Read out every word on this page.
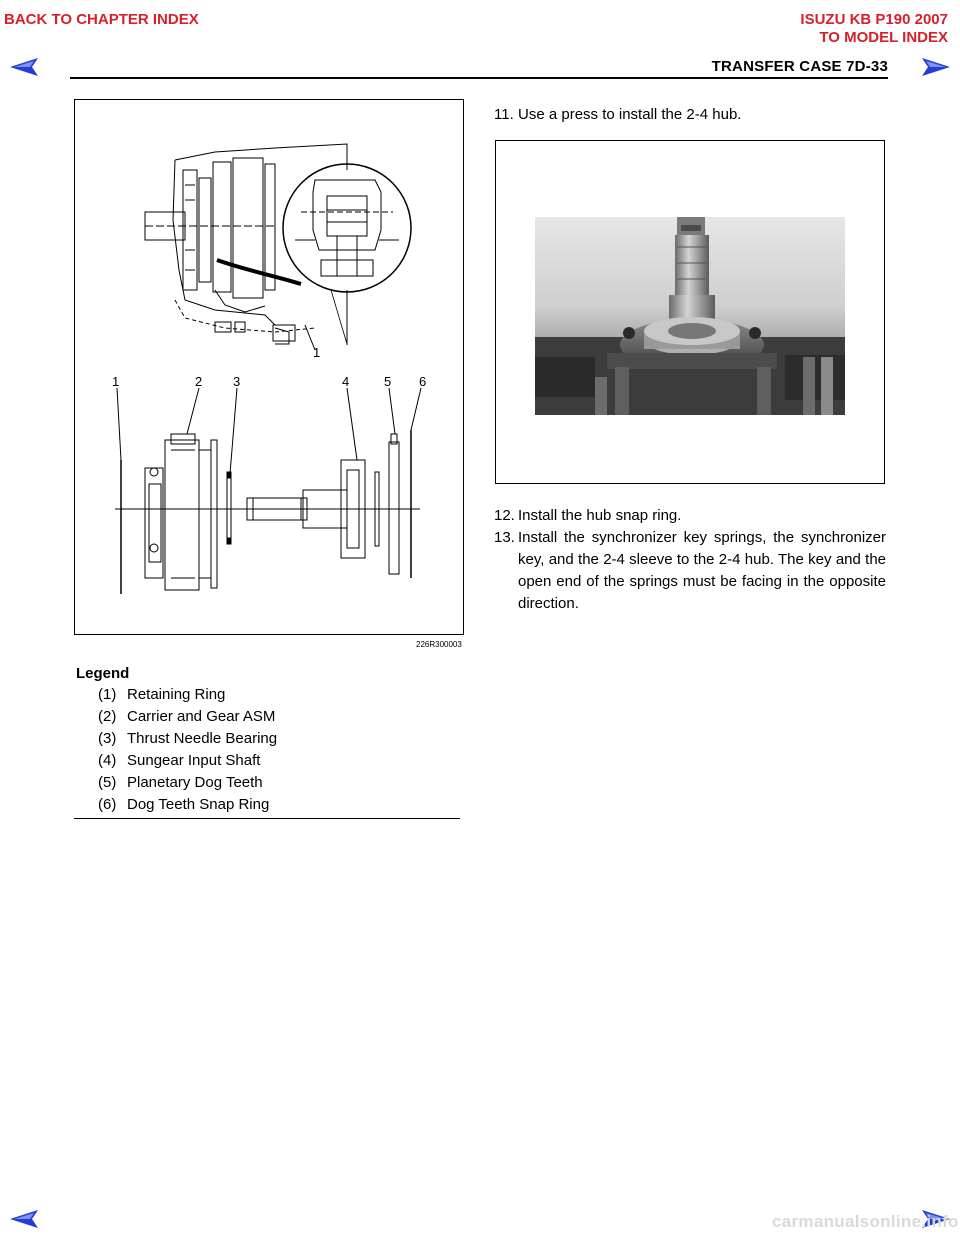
BACK TO CHAPTER INDEX	ISUZU KB P190 2007
TO MODEL INDEX
TRANSFER CASE 7D-33
1
1	2 3	4	5 6
226R300003
Legend
(1) Retaining Ring
(2) Carrier and Gear ASM
(3) Thrust Needle Bearing
(4) Sungear Input Shaft
(5) Planetary Dog Teeth
(6) Dog Teeth Snap Ring
11. Use a press to install the 2-4 hub.
12. Install the hub snap ring.
13. Install the synchronizer key springs, the synchronizer key, and the 2-4 sleeve to the 2-4 hub. The key and the open end of the springs must be facing in the opposite direction.
carmanualsonline.info
